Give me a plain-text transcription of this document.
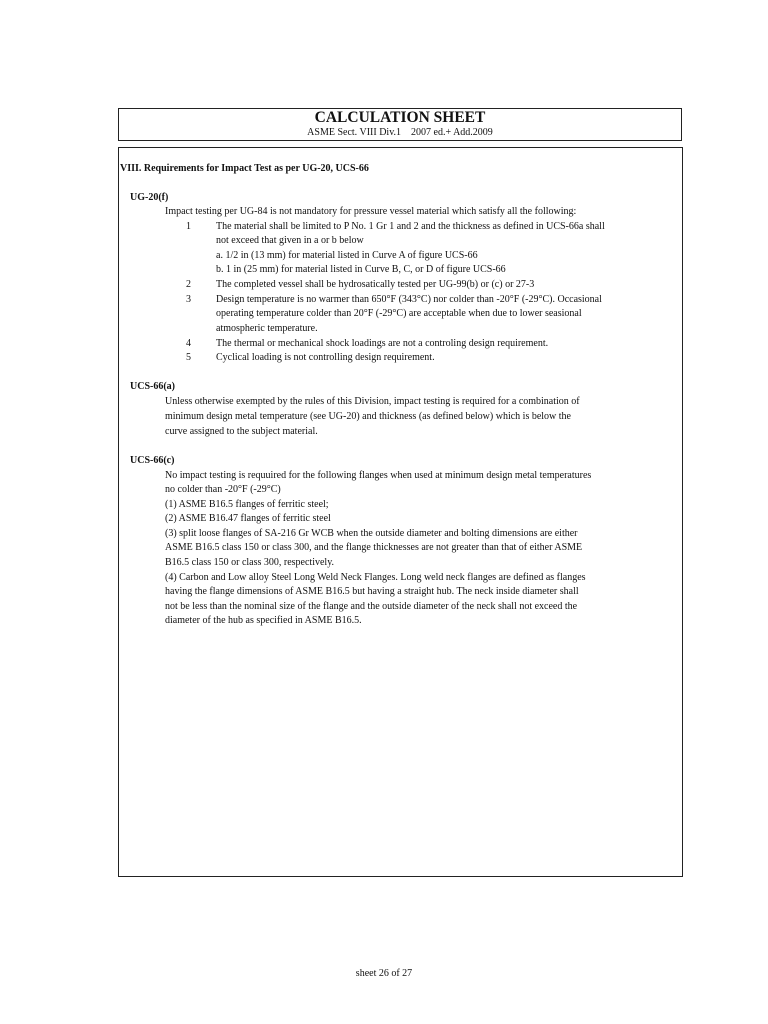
CALCULATION SHEET
ASME Sect. VIII Div.1    2007 ed.+ Add.2009
VIII. Requirements for Impact Test as per UG-20, UCS-66
UG-20(f)
Impact testing per UG-84 is not mandatory for pressure vessel material which satisfy all the following:
1	The material shall be limited to P No. 1 Gr 1 and 2 and the thickness as defined in UCS-66a shall
not exceed that given in a or b below
a. 1/2 in (13 mm) for material listed in Curve A of figure UCS-66
b. 1 in (25 mm) for material listed in Curve B, C, or D of figure UCS-66
2	The completed vessel shall be hydrosatically tested per UG-99(b) or (c) or 27-3
3	Design temperature is no warmer than 650°F (343°C) nor colder than -20°F (-29°C). Occasional
operating temperature colder than 20°F (-29°C) are acceptable when due to lower seasional
atmospheric temperature.
4	The thermal or mechanical shock loadings are not a controling design requirement.
5	Cyclical loading is not controlling design requirement.
UCS-66(a)
Unless otherwise exempted by the rules of this Division, impact testing is required for a combination of
minimum design metal temperature (see UG-20) and thickness (as defined below) which is below the
curve assigned to the subject material.
UCS-66(c)
No impact testing is requuired for the following flanges when used at minimum design metal temperatures
no colder than -20°F (-29°C)
(1) ASME B16.5 flanges of ferritic steel;
(2) ASME B16.47 flanges of ferritic steel
(3) split loose flanges of SA-216 Gr WCB when the outside diameter and bolting dimensions are either
ASME B16.5 class 150 or class 300, and the flange thicknesses are not greater than that of either ASME
B16.5 class 150 or class 300, respectively.
(4) Carbon and Low alloy Steel Long Weld Neck Flanges. Long weld neck flanges are defined as flanges
having the flange dimensions of ASME B16.5 but having a straight hub. The neck inside diameter shall
not be less than the nominal size of the flange and the outside diameter of the neck shall not exceed the
diameter of the hub as specified in ASME B16.5.
sheet 26 of 27
